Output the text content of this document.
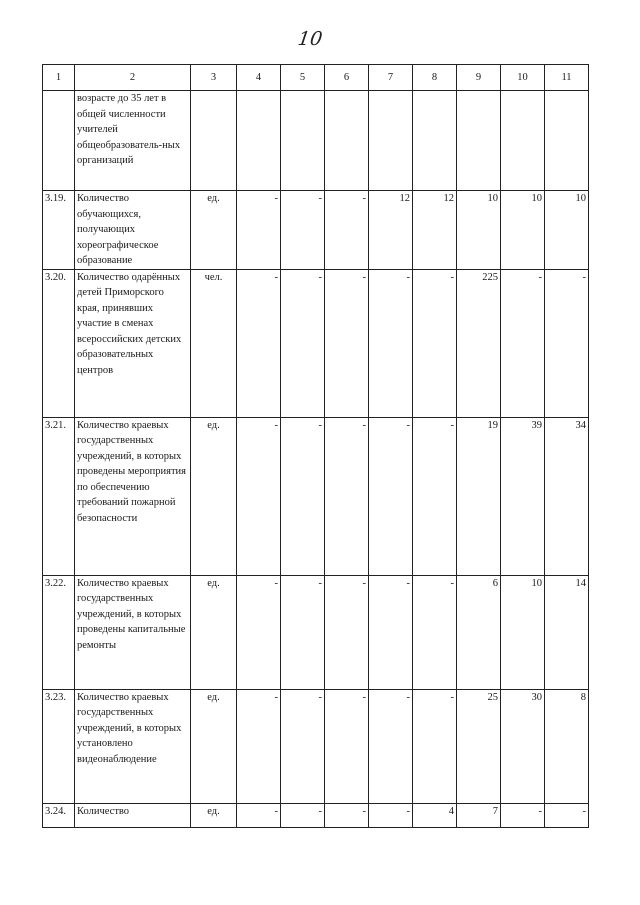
10
1	2	3	4	5	6	7	8	9	10	11
	возрасте до 35 лет в общей численности учителей общеобразователь-ных организаций									
3.19.	Количество обучающихся, получающих хореографическое образование	ед.	-	-	-	12	12	10	10	10
3.20.	Количество одарённых детей Приморского края, принявших участие в сменах всероссийских детских образовательных центров	чел.	-	-	-	-	-	225	-	-
3.21.	Количество краевых государственных учреждений, в которых проведены мероприятия по обеспечению требований пожарной безопасности	ед.	-	-	-	-	-	19	39	34
3.22.	Количество краевых государственных учреждений, в которых проведены капитальные ремонты	ед.	-	-	-	-	-	6	10	14
3.23.	Количество краевых государственных учреждений, в которых установлено видеонаблюдение	ед.	-	-	-	-	-	25	30	8
3.24.	Количество	ед.	-	-	-	-	4	7	-	-
